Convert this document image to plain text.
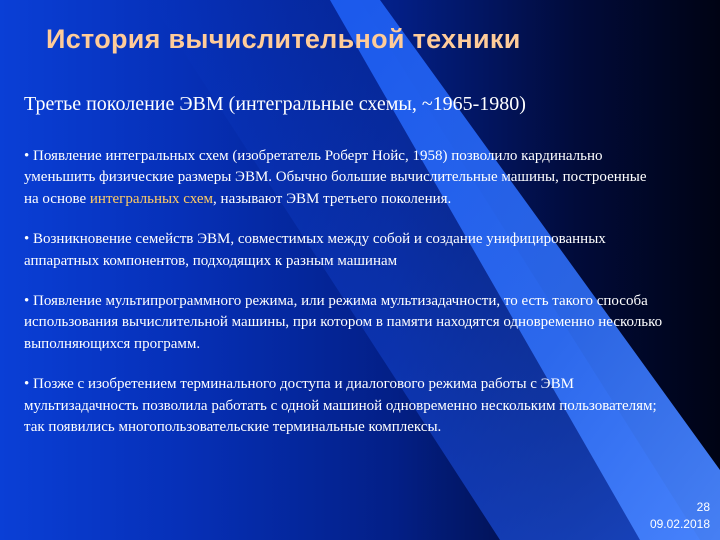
История вычислительной техники
Третье поколение ЭВМ (интегральные схемы, ~1965-1980)
• Появление интегральных схем (изобретатель Роберт Нойс, 1958) позволило кардинально уменьшить физические размеры ЭВМ. Обычно большие вычислительные машины, построенные на основе интегральных схем, называют ЭВМ третьего поколения.
• Возникновение семейств ЭВМ, совместимых между собой и создание унифицированных аппаратных компонентов, подходящих к разным машинам
• Появление мультипрограммного режима, или режима мультизадачности, то есть такого способа использования вычислительной машины, при котором в памяти находятся одновременно несколько выполняющихся программ.
• Позже с изобретением терминального доступа и диалогового режима работы с ЭВМ мультизадачность позволила работать с одной машиной одновременно нескольким пользователям; так появились многопользовательские терминальные комплексы.
28
09.02.2018
